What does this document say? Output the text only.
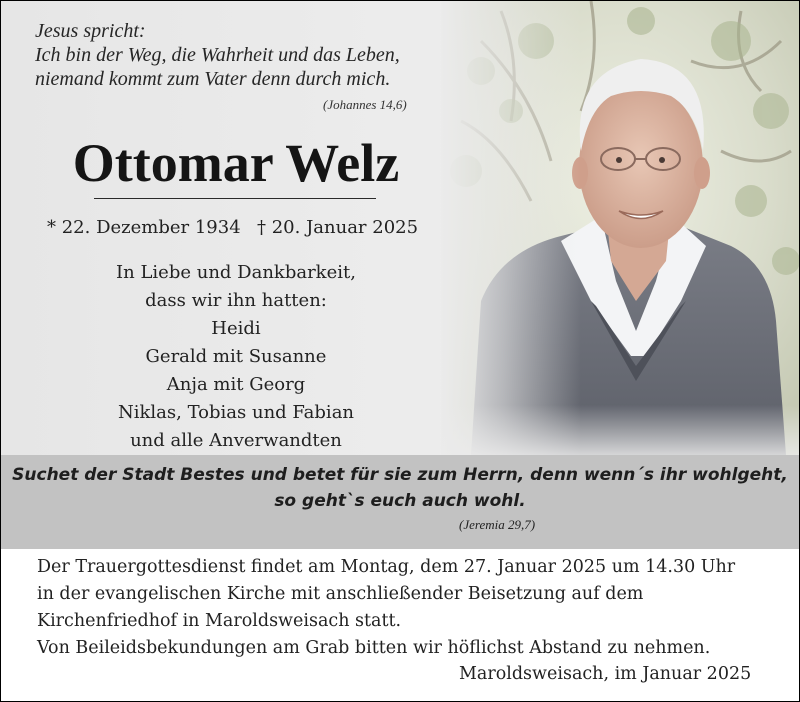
Jesus spricht:
Ich bin der Weg, die Wahrheit und das Leben,
niemand kommt zum Vater denn durch mich.
(Johannes 14,6)
Ottomar Welz
* 22. Dezember 1934 † 20. Januar 2025
In Liebe und Dankbarkeit,
dass wir ihn hatten:
Heidi
Gerald mit Susanne
Anja mit Georg
Niklas, Tobias und Fabian
und alle Anverwandten
Suchet der Stadt Bestes und betet für sie zum Herrn, denn wenn´s ihr wohlgeht,
so geht`s euch auch wohl.
(Jeremia 29,7)
Der Trauergottesdienst findet am Montag, dem 27. Januar 2025 um 14.30 Uhr
in der evangelischen Kirche mit anschließender Beisetzung auf dem
Kirchenfriedhof in Maroldsweisach statt.
Von Beileidsbekundungen am Grab bitten wir höflichst Abstand zu nehmen.
Maroldsweisach, im Januar 2025
